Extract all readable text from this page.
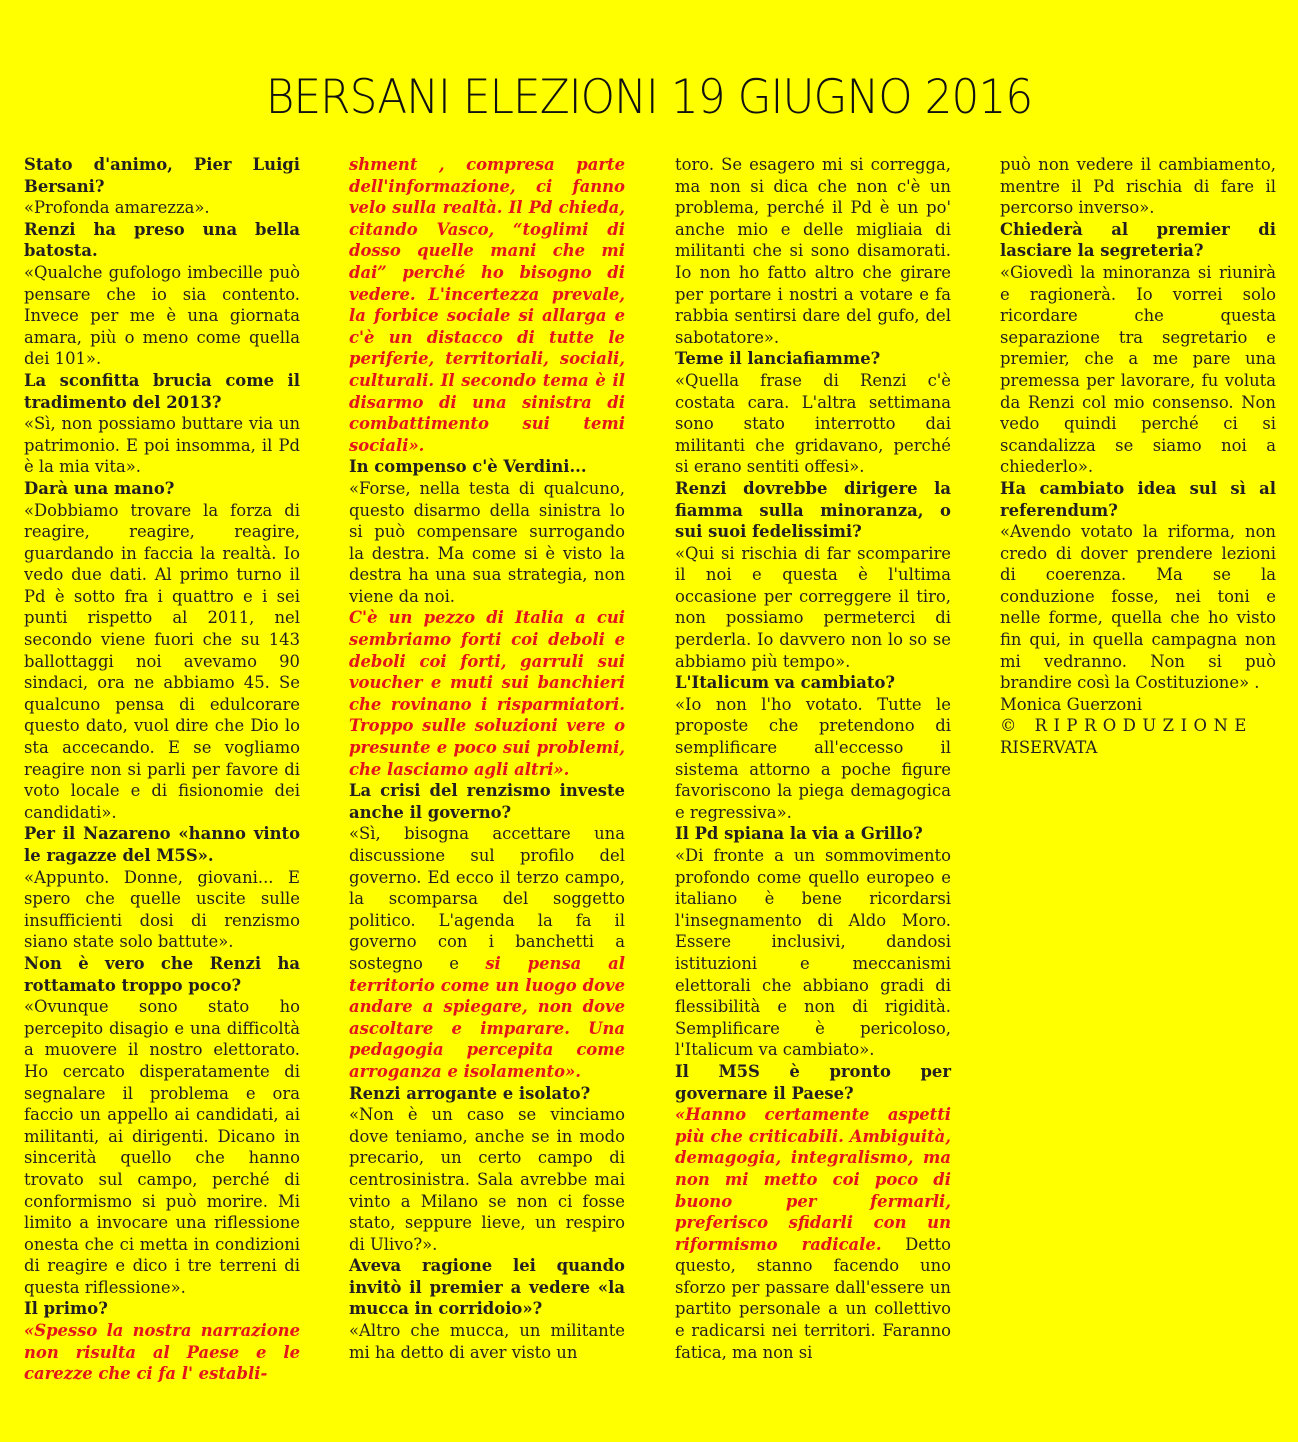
BERSANI ELEZIONI 19 GIUGNO 2016

Stato d'animo, Pier Luigi Bersani?

«Profonda amarezza».

Renzi ha preso una bella batosta.

«Qualche gufologo imbecille può pensare che io sia contento. Invece per me è una giornata amara, più o meno come quella dei 101».

La sconfitta brucia come il tradimento del 2013?

«Sì, non possiamo buttare via un patrimonio. E poi insomma, il Pd è la mia vita».

Darà una mano?

«Dobbiamo trovare la forza di reagire, reagire, reagire, guardando in faccia la realtà. Io vedo due dati. Al primo turno il Pd è sotto fra i quattro e i sei punti rispetto al 2011, nel secondo viene fuori che su 143 ballottaggi noi avevamo 90 sindaci, ora ne abbiamo 45. Se qualcuno pensa di edulcorare questo dato, vuol dire che Dio lo sta accecando. E se vogliamo reagire non si parli per favore di voto locale e di fisionomie dei candidati».

Per il Nazareno «hanno vinto le ragazze del M5S».

«Appunto. Donne, giovani... E spero che quelle uscite sulle insufficienti dosi di renzismo siano state solo battute».

Non è vero che Renzi ha rottamato troppo poco?

«Ovunque sono stato ho percepito disagio e una difficoltà a muovere il nostro elettorato. Ho cercato disperatamente di segnalare il problema e ora faccio un appello ai candidati, ai militanti, ai dirigenti. Dicano in sincerità quello che hanno trovato sul campo, perché di conformismo si può morire. Mi limito a invocare una riflessione onesta che ci metta in condizioni di reagire e dico i tre terreni di questa riflessione».

Il primo?

«Spesso la nostra narrazione non risulta al Paese e le carezze che ci fa l' establi-

shment , compresa parte dell'informazione, ci fanno velo sulla realtà. Il Pd chieda, citando Vasco, “toglimi di dosso quelle mani che mi dai” perché ho bisogno di vedere. L'incertezza prevale, la forbice sociale si allarga e c'è un distacco di tutte le periferie, territoriali, sociali, culturali. Il secondo tema è il disarmo di una sinistra di combattimento sui temi sociali».

In compenso c'è Verdini...

«Forse, nella testa di qualcuno, questo disarmo della sinistra lo si può compensare surrogando la destra. Ma come si è visto la destra ha una sua strategia, non viene da noi.

C'è un pezzo di Italia a cui sembriamo forti coi deboli e deboli coi forti, garruli sui voucher e muti sui banchieri che rovinano i risparmiatori. Troppo sulle soluzioni vere o presunte e poco sui problemi, che lasciamo agli altri».

La crisi del renzismo investe anche il governo?

«Sì, bisogna accettare una discussione sul profilo del governo. Ed ecco il terzo campo, la scomparsa del soggetto politico. L'agenda la fa il governo con i banchetti a sostegno e si pensa al territorio come un luogo dove andare a spiegare, non dove ascoltare e imparare. Una pedagogia percepita come arroganza e isolamento».

Renzi arrogante e isolato?

«Non è un caso se vinciamo dove teniamo, anche se in modo precario, un certo campo di centrosinistra. Sala avrebbe mai vinto a Milano se non ci fosse stato, seppure lieve, un respiro di Ulivo?».

Aveva ragione lei quando invitò il premier a vedere «la mucca in corridoio»?

«Altro che mucca, un militante mi ha detto di aver visto un

toro. Se esagero mi si corregga, ma non si dica che non c'è un problema, perché il Pd è un po' anche mio e delle migliaia di militanti che si sono disamorati. Io non ho fatto altro che girare per portare i nostri a votare e fa rabbia sentirsi dare del gufo, del sabotatore».

Teme il lanciafiamme?

«Quella frase di Renzi c'è costata cara. L'altra settimana sono stato interrotto dai militanti che gridavano, perché si erano sentiti offesi».

Renzi dovrebbe dirigere la fiamma sulla minoranza, o sui suoi fedelissimi?

«Qui si rischia di far scomparire il noi e questa è l'ultima occasione per correggere il tiro, non possiamo permeterci di perderla. Io davvero non lo so se abbiamo più tempo».

L'Italicum va cambiato?

«Io non l'ho votato. Tutte le proposte che pretendono di semplificare all'eccesso il sistema attorno a poche figure favoriscono la piega demagogica e regressiva».

Il Pd spiana la via a Grillo?

«Di fronte a un sommovimento profondo come quello europeo e italiano è bene ricordarsi l'insegnamento di Aldo Moro. Essere inclusivi, dandosi istituzioni e meccanismi elettorali che abbiano gradi di flessibilità e non di rigidità. Semplificare è pericoloso, l'Italicum va cambiato».

Il M5S è pronto per governare il Paese?

«Hanno certamente aspetti più che criticabili. Ambiguità, demagogia, integralismo, ma non mi metto coi poco di buono per fermarli, preferisco sfidarli con un riformismo radicale. Detto questo, stanno facendo uno sforzo per passare dall'essere un partito personale a un collettivo e radicarsi nei territori. Faranno fatica, ma non si

può non vedere il cambiamento, mentre il Pd rischia di fare il percorso inverso».

Chiederà al premier di lasciare la segreteria?

«Giovedì la minoranza si riunirà e ragionerà. Io vorrei solo ricordare che questa separazione tra segretario e premier, che a me pare una premessa per lavorare, fu voluta da Renzi col mio consenso. Non vedo quindi perché ci si scandalizza se siamo noi a chiederlo».

Ha cambiato idea sul sì al referendum?

«Avendo votato la riforma, non credo di dover prendere lezioni di coerenza. Ma se la conduzione fosse, nei toni e nelle forme, quella che ho visto fin qui, in quella campagna non mi vedranno. Non si può brandire così la Costituzione» .

Monica Guerzoni

© RIPRODUZIONE

RISERVATA
